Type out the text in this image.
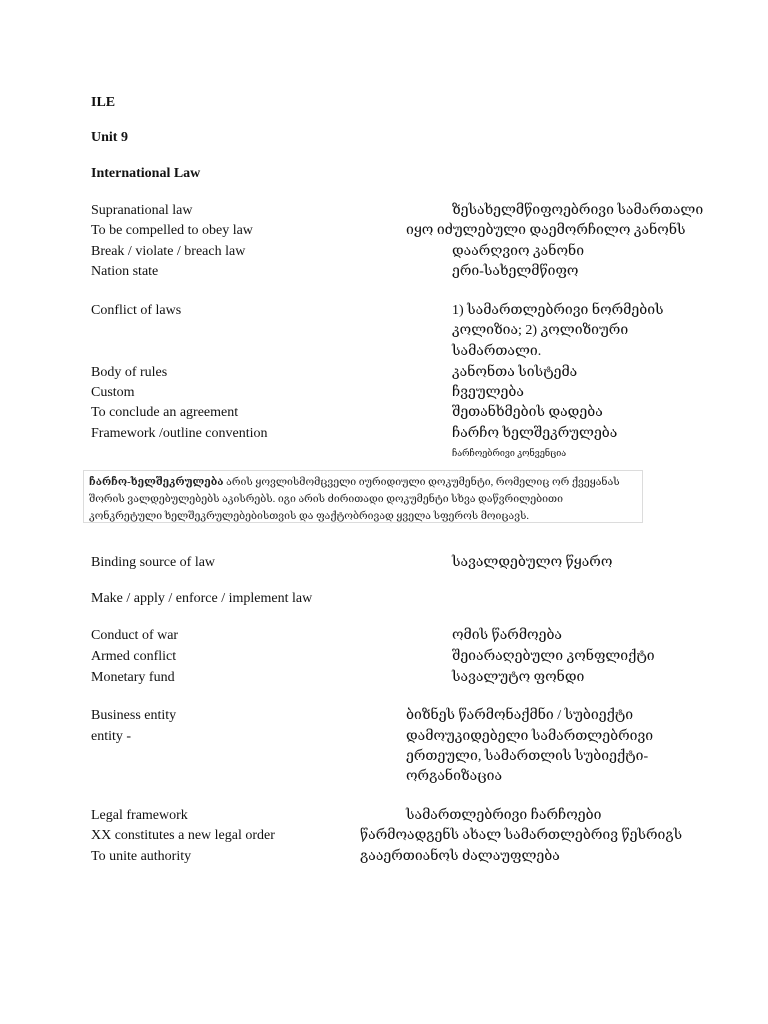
ILE
Unit 9
International Law
Supranational law	ზესახელმწიფოებრივი სამართალი
To be compelled to obey law	იყო იძულებული დაემორჩილო კანონს
Break / violate / breach law	დაარღვიო კანონი
Nation state	ერი-სახელმწიფო
Conflict of laws	1) სამართლებრივი ნორმების
კოლიზია; 2) კოლიზიური
სამართალი.
Body of rules	კანონთა სისტემა
Custom	ჩვეულება
To conclude an agreement	შეთანხმების დადება
Framework /outline convention	ჩარჩო ხელშეკრულება
ჩარჩოებრივი კონვენცია
ჩარჩო-ხელშეკრულება არის ყოვლისმომცველი იურიდიული დოკუმენტი, რომელიც ორ ქვეყანას შორის ვალდებულებებს აკისრებს. იგი არის ძირითადი დოკუმენტი სხვა დაწვრილებითი კონკრეტული ხელშეკრულებებისთვის და ფაქტობრივად ყველა სფეროს მოიცავს.
Binding source of law	სავალდებულო წყარო
Make / apply / enforce / implement law
Conduct of war	ომის წარმოება
Armed conflict	შეიარაღებული კონფლიქტი
Monetary fund	სავალუტო ფონდი
Business entity	ბიზნეს წარმონაქმნი / სუბიექტი
entity -	დამოუკიდებელი სამართლებრივი
ერთეული, სამართლის სუბიექტი-
ორგანიზაცია
Legal framework	სამართლებრივი ჩარჩოები
XX constitutes a new legal order	წარმოადგენს ახალ სამართლებრივ წესრიგს
To unite authority	გააერთიანოს ძალაუფლება
